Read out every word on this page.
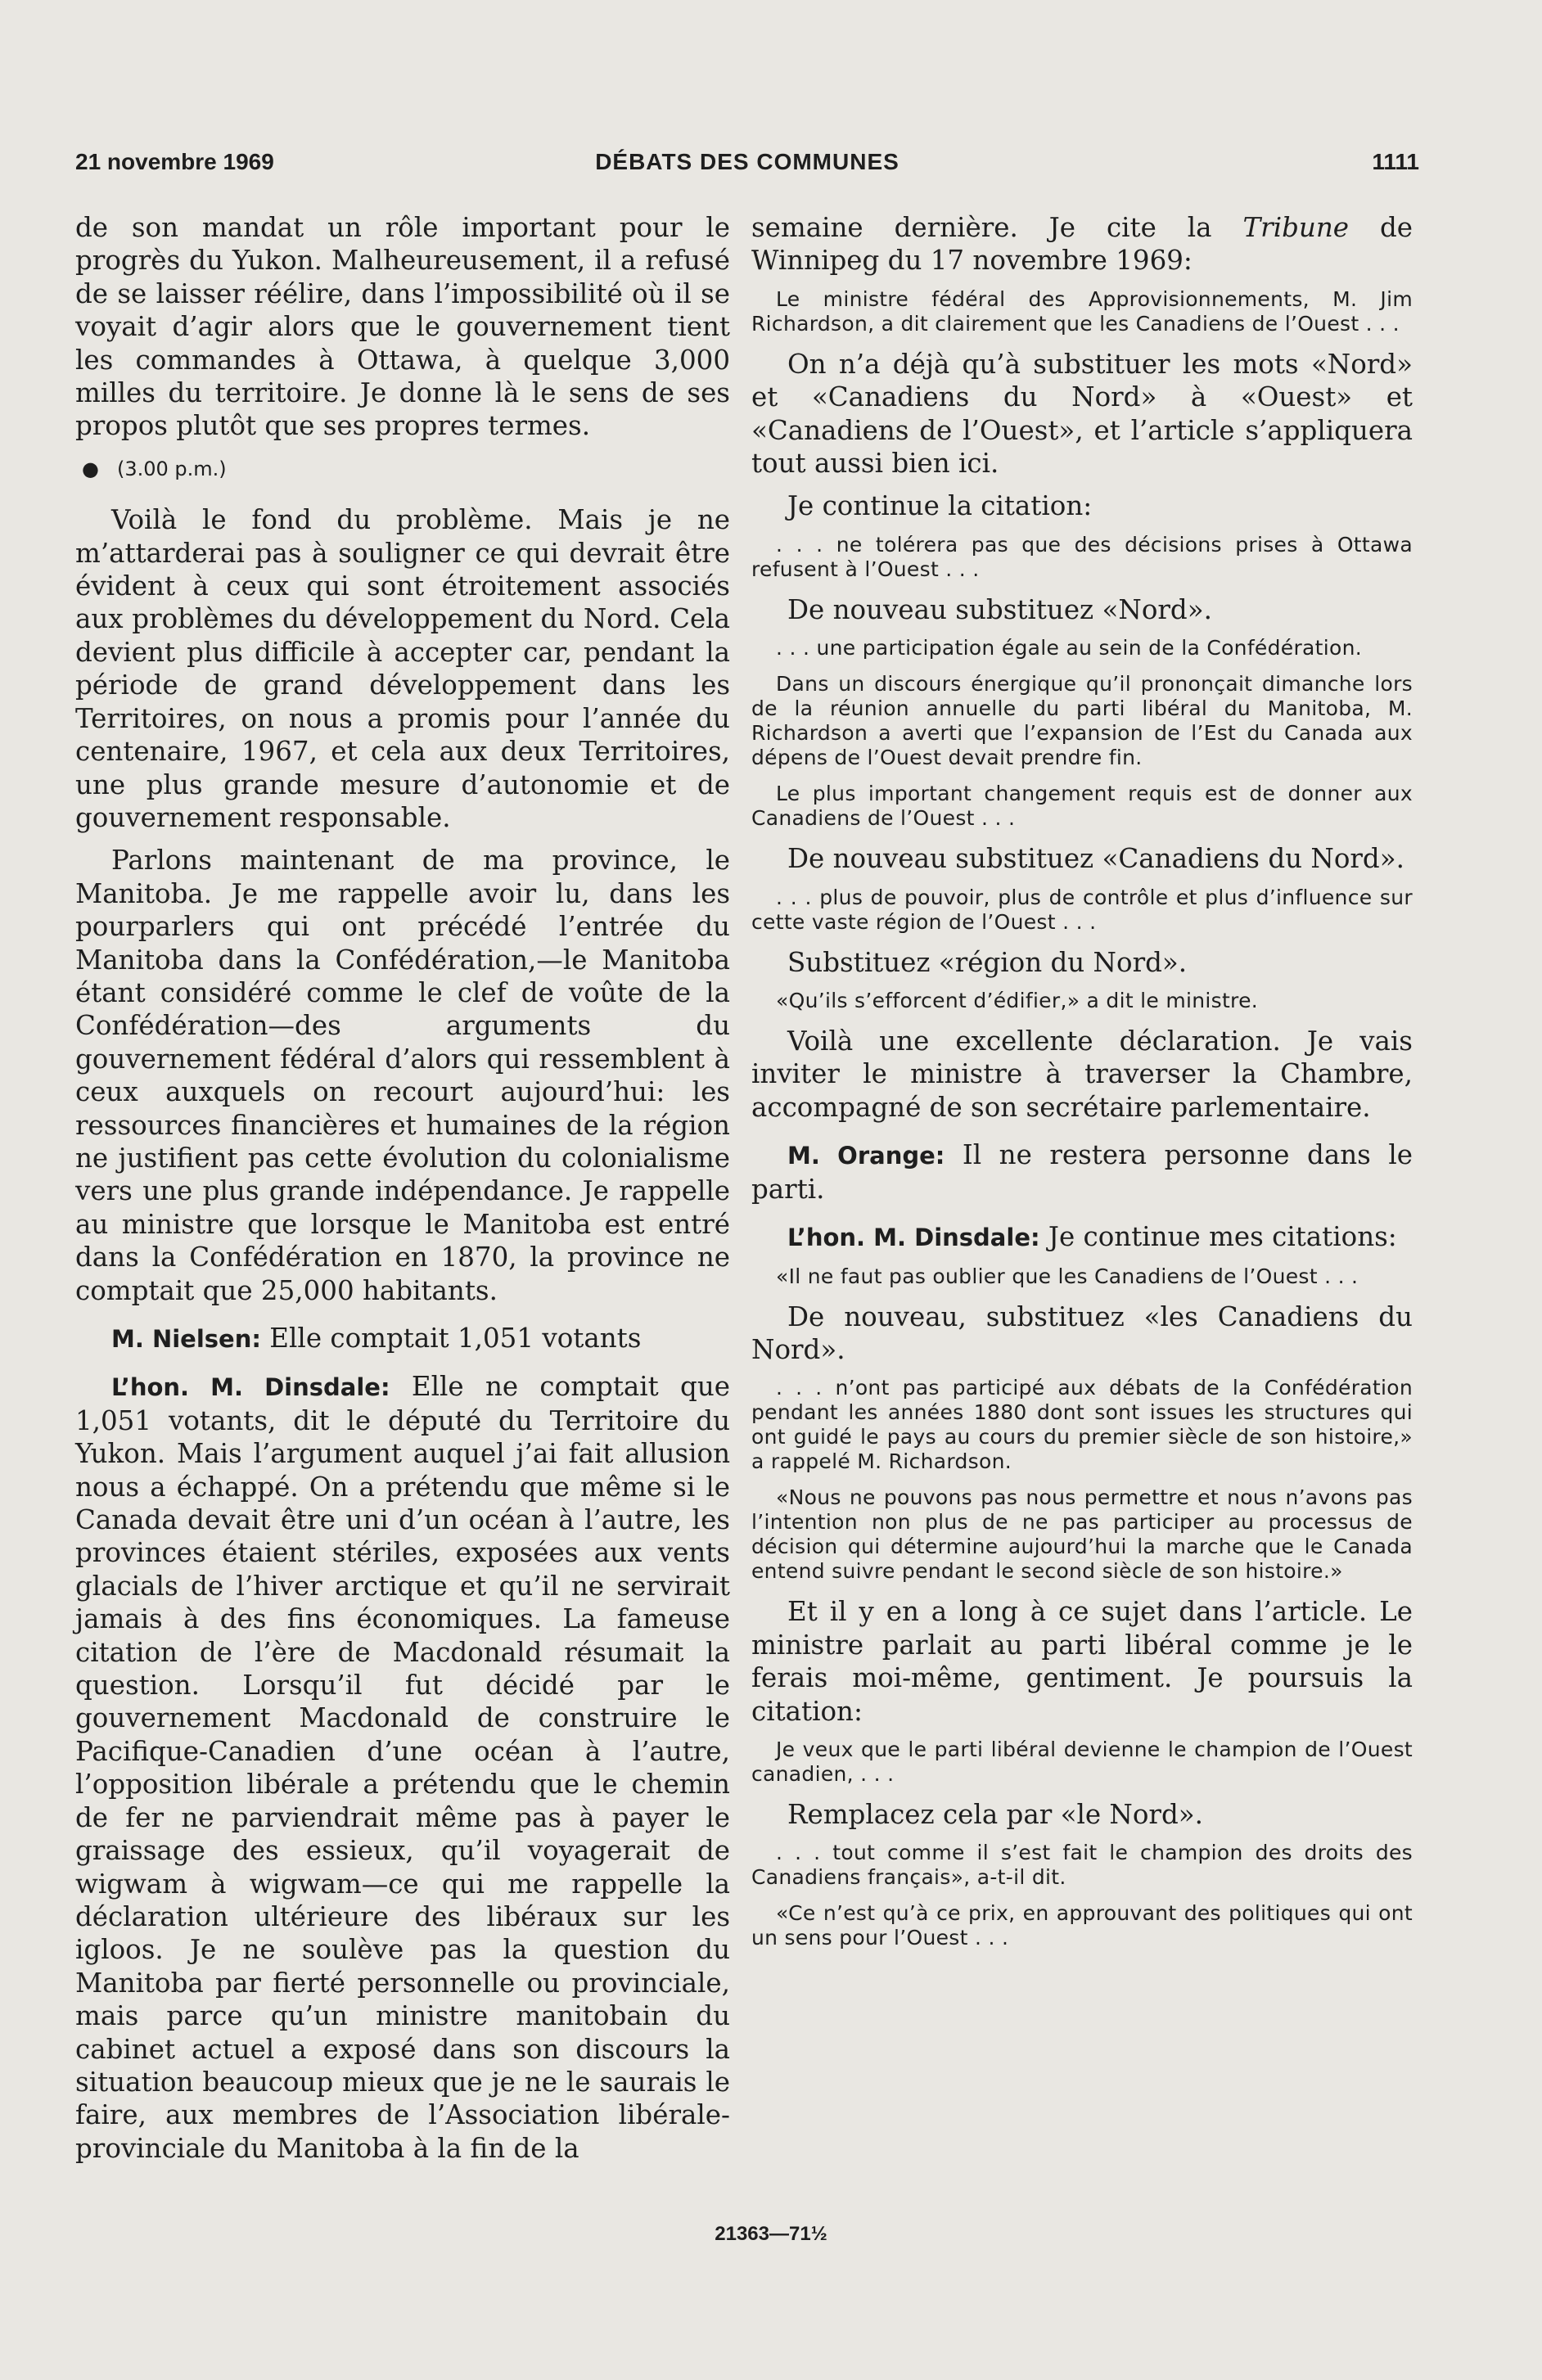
21 novembre 1969	DÉBATS DES COMMUNES	1111

de son mandat un rôle important pour le progrès du Yukon. Malheureusement, il a refusé de se laisser réélire, dans l’impossibilité où il se voyait d’agir alors que le gouvernement tient les commandes à Ottawa, à quelque 3,000 milles du territoire. Je donne là le sens de ses propos plutôt que ses propres termes.

● (3.00 p.m.)

Voilà le fond du problème. Mais je ne m’attarderai pas à souligner ce qui devrait être évident à ceux qui sont étroitement associés aux problèmes du développement du Nord. Cela devient plus difficile à accepter car, pendant la période de grand développement dans les Territoires, on nous a promis pour l’année du centenaire, 1967, et cela aux deux Territoires, une plus grande mesure d’autonomie et de gouvernement responsable.

Parlons maintenant de ma province, le Manitoba. Je me rappelle avoir lu, dans les pourparlers qui ont précédé l’entrée du Manitoba dans la Confédération,—le Manitoba étant considéré comme le clef de voûte de la Confédération—des arguments du gouvernement fédéral d’alors qui ressemblent à ceux auxquels on recourt aujourd’hui: les ressources financières et humaines de la région ne justifient pas cette évolution du colonialisme vers une plus grande indépendance. Je rappelle au ministre que lorsque le Manitoba est entré dans la Confédération en 1870, la province ne comptait que 25,000 habitants.

M. Nielsen: Elle comptait 1,051 votants

L’hon. M. Dinsdale: Elle ne comptait que 1,051 votants, dit le député du Territoire du Yukon. Mais l’argument auquel j’ai fait allusion nous a échappé. On a prétendu que même si le Canada devait être uni d’un océan à l’autre, les provinces étaient stériles, exposées aux vents glacials de l’hiver arctique et qu’il ne servirait jamais à des fins économiques. La fameuse citation de l’ère de Macdonald résumait la question. Lorsqu’il fut décidé par le gouvernement Macdonald de construire le Pacifique-Canadien d’une océan à l’autre, l’opposition libérale a prétendu que le chemin de fer ne parviendrait même pas à payer le graissage des essieux, qu’il voyagerait de wigwam à wigwam—ce qui me rappelle la déclaration ultérieure des libéraux sur les igloos. Je ne soulève pas la question du Manitoba par fierté personnelle ou provinciale, mais parce qu’un ministre manitobain du cabinet actuel a exposé dans son discours la situation beaucoup mieux que je ne le saurais le faire, aux membres de l’Association libérale-provinciale du Manitoba à la fin de la

semaine dernière. Je cite la Tribune de Winnipeg du 17 novembre 1969:

Le ministre fédéral des Approvisionnements, M. Jim Richardson, a dit clairement que les Canadiens de l’Ouest . . .

On n’a déjà qu’à substituer les mots «Nord» et «Canadiens du Nord» à «Ouest» et «Canadiens de l’Ouest», et l’article s’appliquera tout aussi bien ici.

Je continue la citation:

. . . ne tolérera pas que des décisions prises à Ottawa refusent à l’Ouest . . .

De nouveau substituez «Nord».

. . . une participation égale au sein de la Confédération.

Dans un discours énergique qu’il prononçait dimanche lors de la réunion annuelle du parti libéral du Manitoba, M. Richardson a averti que l’expansion de l’Est du Canada aux dépens de l’Ouest devait prendre fin.

Le plus important changement requis est de donner aux Canadiens de l’Ouest . . .

De nouveau substituez «Canadiens du Nord».

. . . plus de pouvoir, plus de contrôle et plus d’influence sur cette vaste région de l’Ouest . . .

Substituez «région du Nord».

«Qu’ils s’efforcent d’édifier,» a dit le ministre.

Voilà une excellente déclaration. Je vais inviter le ministre à traverser la Chambre, accompagné de son secrétaire parlementaire.

M. Orange: Il ne restera personne dans le parti.

L’hon. M. Dinsdale: Je continue mes citations:

«Il ne faut pas oublier que les Canadiens de l’Ouest . . .

De nouveau, substituez «les Canadiens du Nord».

. . . n’ont pas participé aux débats de la Confédération pendant les années 1880 dont sont issues les structures qui ont guidé le pays au cours du premier siècle de son histoire,» a rappelé M. Richardson.

«Nous ne pouvons pas nous permettre et nous n’avons pas l’intention non plus de ne pas participer au processus de décision qui détermine aujourd’hui la marche que le Canada entend suivre pendant le second siècle de son histoire.»

Et il y en a long à ce sujet dans l’article. Le ministre parlait au parti libéral comme je le ferais moi-même, gentiment. Je poursuis la citation:

Je veux que le parti libéral devienne le champion de l’Ouest canadien, . . .

Remplacez cela par «le Nord».

. . . tout comme il s’est fait le champion des droits des Canadiens français», a-t-il dit.

«Ce n’est qu’à ce prix, en approuvant des politiques qui ont un sens pour l’Ouest . . .

21363—71½
